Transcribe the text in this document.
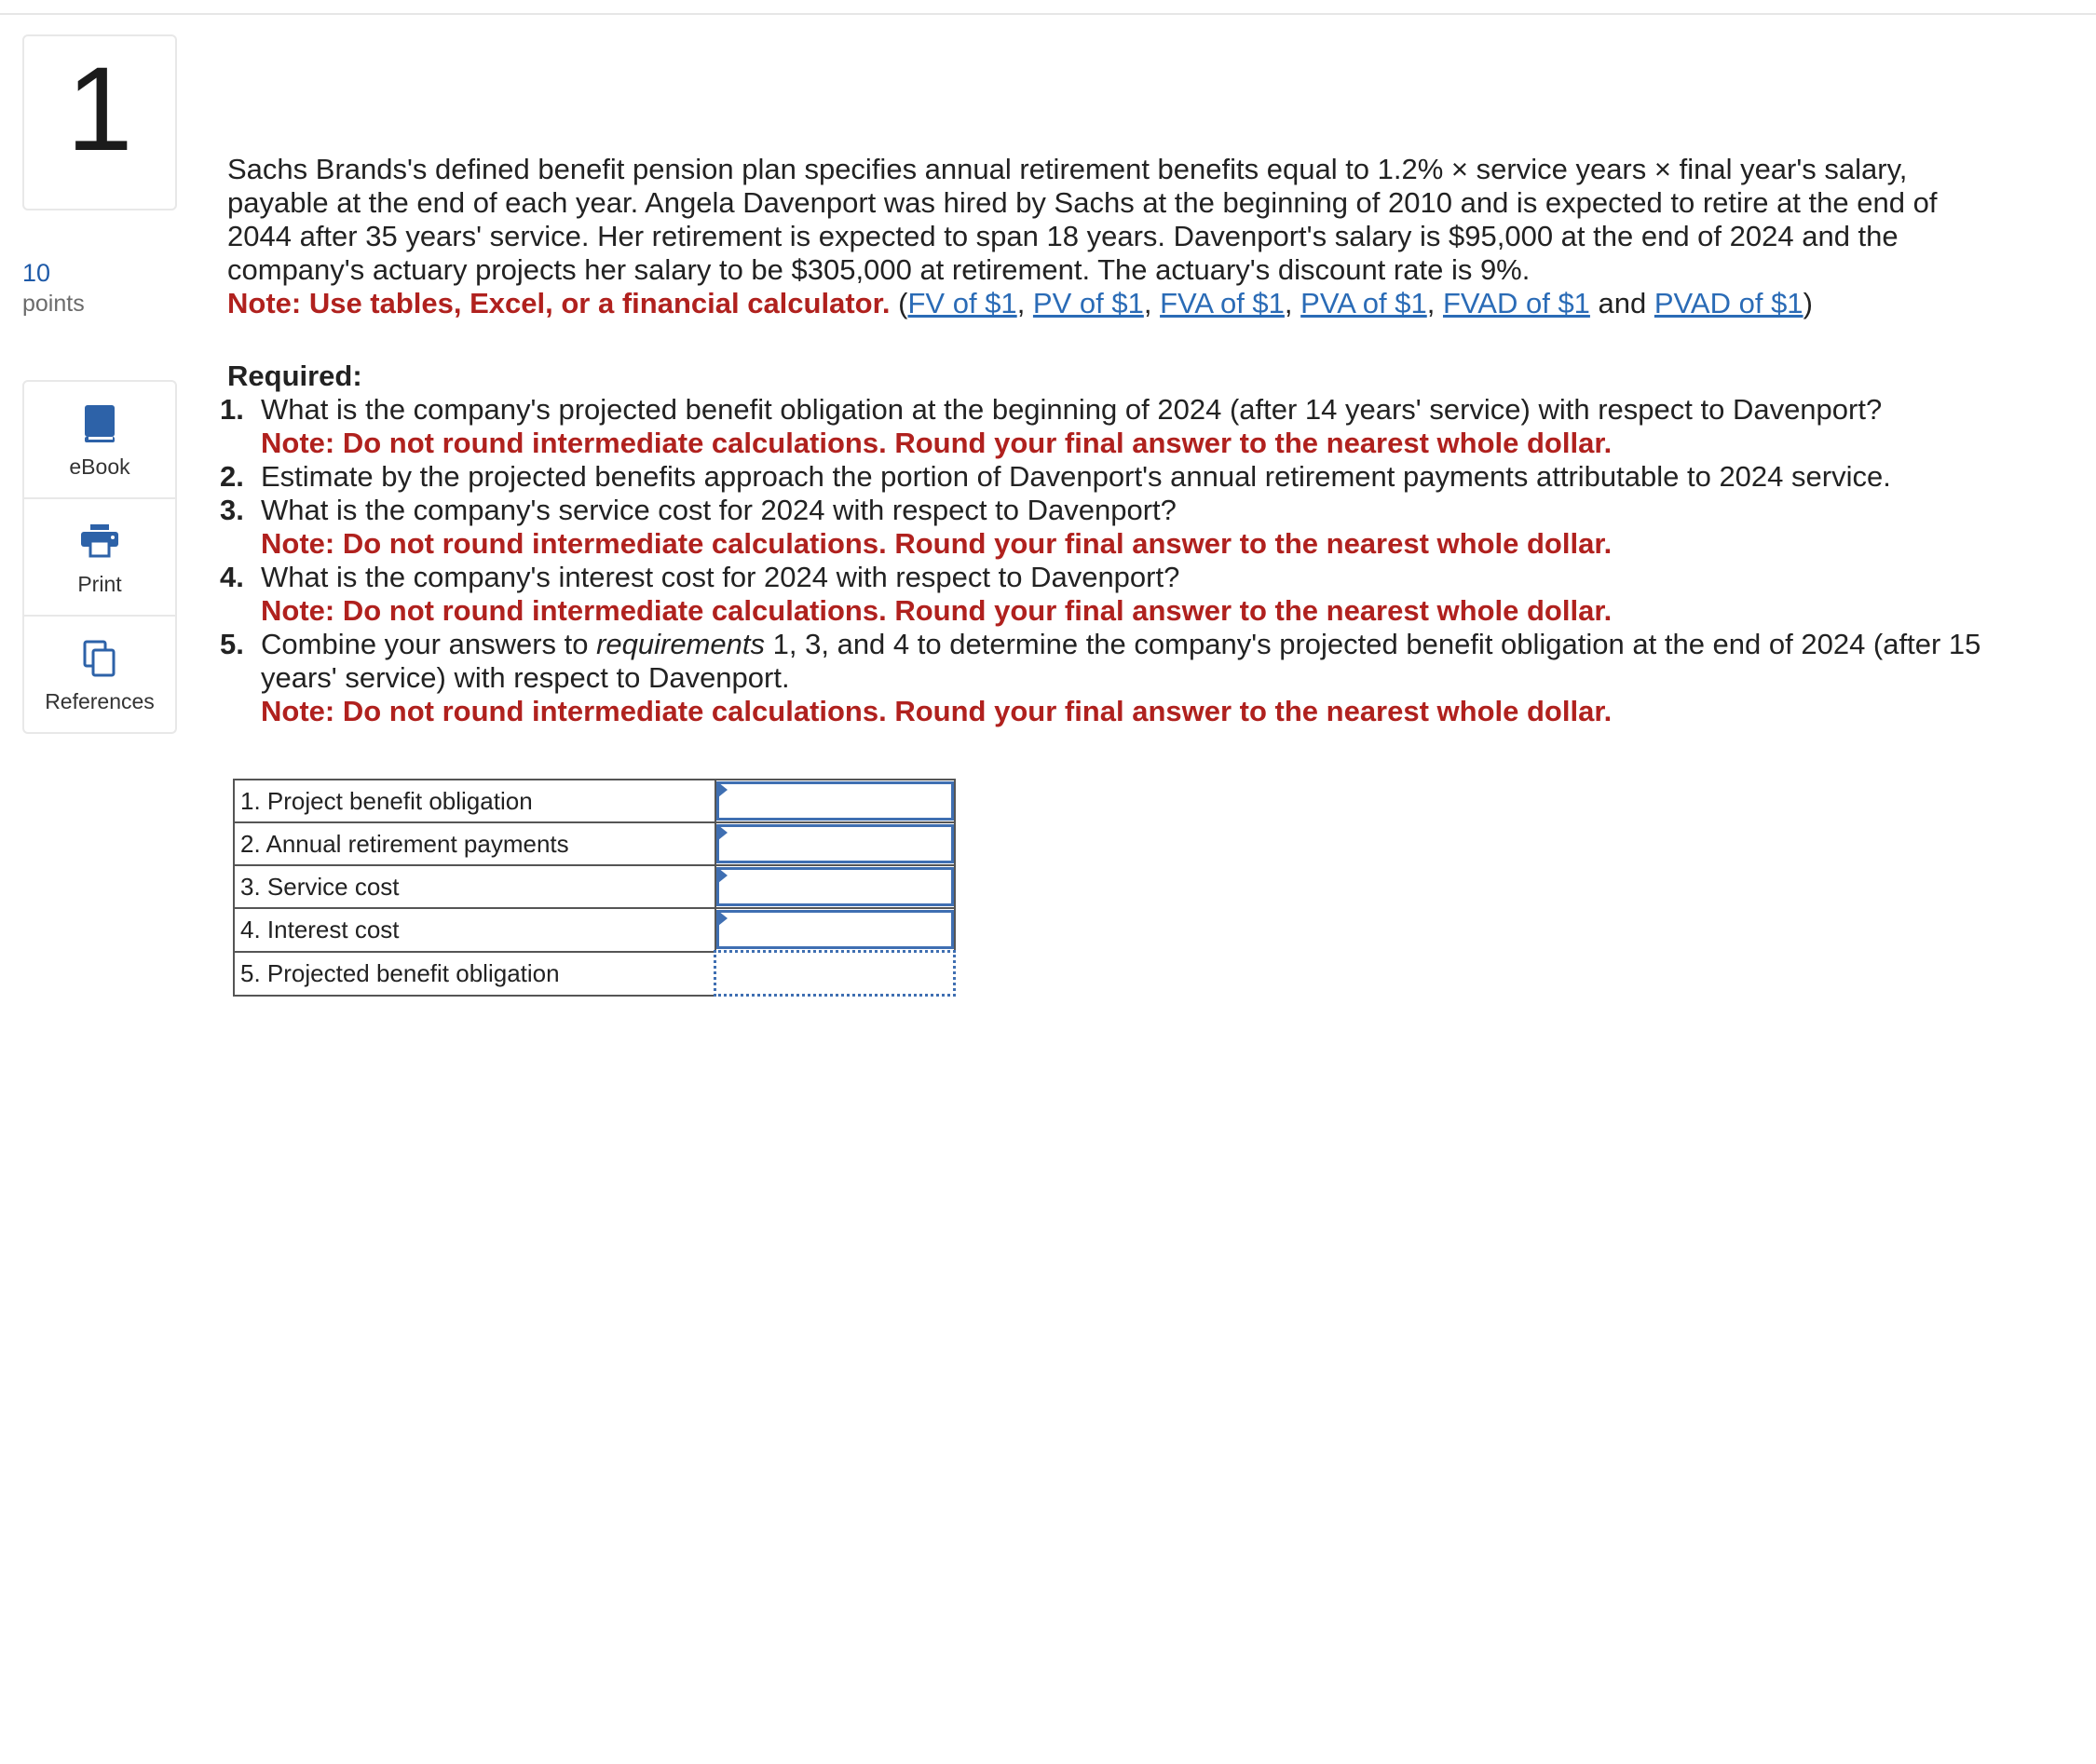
1
10
points
eBook
Print
References

Sachs Brands's defined benefit pension plan specifies annual retirement benefits equal to 1.2% × service years × final year's salary, payable at the end of each year. Angela Davenport was hired by Sachs at the beginning of 2010 and is expected to retire at the end of 2044 after 35 years' service. Her retirement is expected to span 18 years. Davenport's salary is $95,000 at the end of 2024 and the company's actuary projects her salary to be $305,000 at retirement. The actuary's discount rate is 9%.
Note: Use tables, Excel, or a financial calculator. (FV of $1, PV of $1, FVA of $1, PVA of $1, FVAD of $1 and PVAD of $1)

Required:
1. What is the company's projected benefit obligation at the beginning of 2024 (after 14 years' service) with respect to Davenport?
Note: Do not round intermediate calculations. Round your final answer to the nearest whole dollar.
2. Estimate by the projected benefits approach the portion of Davenport's annual retirement payments attributable to 2024 service.
3. What is the company's service cost for 2024 with respect to Davenport?
Note: Do not round intermediate calculations. Round your final answer to the nearest whole dollar.
4. What is the company's interest cost for 2024 with respect to Davenport?
Note: Do not round intermediate calculations. Round your final answer to the nearest whole dollar.
5. Combine your answers to requirements 1, 3, and 4 to determine the company's projected benefit obligation at the end of 2024 (after 15 years' service) with respect to Davenport.
Note: Do not round intermediate calculations. Round your final answer to the nearest whole dollar.
1. Project benefit obligation	

2. Annual retirement payments	

3. Service cost	

4. Interest cost	

5. Projected benefit obligation	
